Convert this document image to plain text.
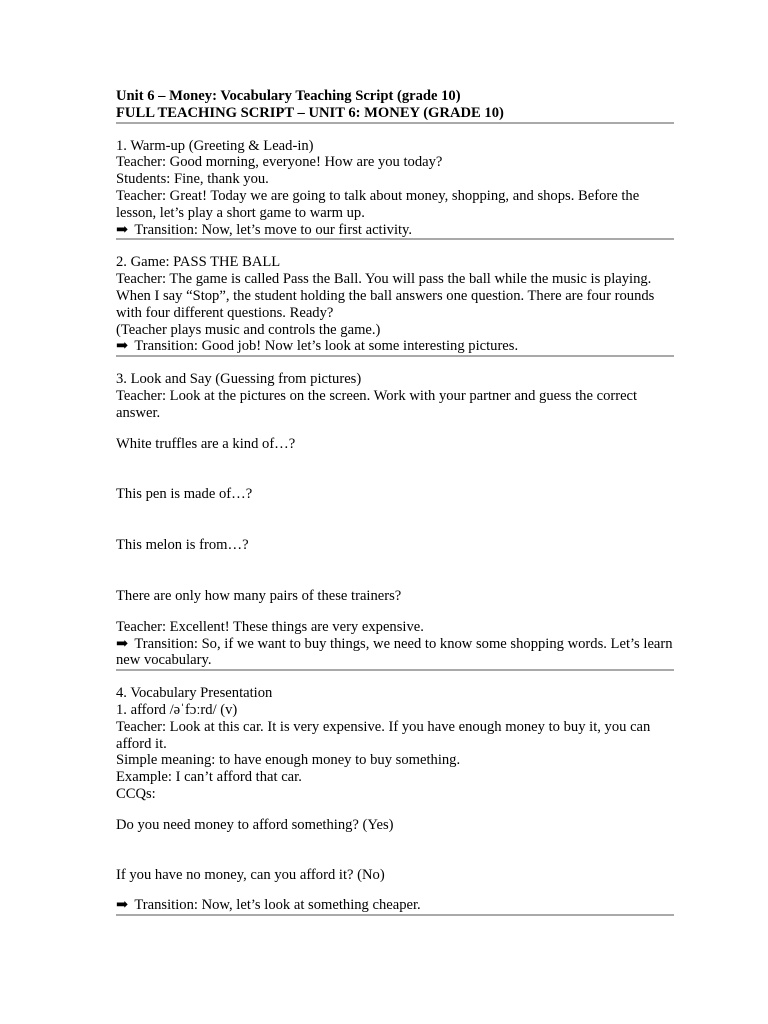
Unit 6 – Money: Vocabulary Teaching Script (grade 10)
FULL TEACHING SCRIPT – UNIT 6: MONEY (GRADE 10)

1. Warm-up (Greeting & Lead-in)

Teacher: Good morning, everyone! How are you today?

Students: Fine, thank you.

Teacher: Great! Today we are going to talk about money, shopping, and shops. Before the lesson, let’s play a short game to warm up.

➡ Transition: Now, let’s move to our first activity.

2. Game: PASS THE BALL

Teacher: The game is called Pass the Ball. You will pass the ball while the music is playing. When I say “Stop”, the student holding the ball answers one question. There are four rounds with four different questions. Ready?

(Teacher plays music and controls the game.)

➡ Transition: Good job! Now let’s look at some interesting pictures.

3. Look and Say (Guessing from pictures)

Teacher: Look at the pictures on the screen. Work with your partner and guess the correct answer.

White truffles are a kind of…?

This pen is made of…?

This melon is from…?

There are only how many pairs of these trainers?

Teacher: Excellent! These things are very expensive.

➡ Transition: So, if we want to buy things, we need to know some shopping words. Let’s learn new vocabulary.

4. Vocabulary Presentation

1. afford /əˈfɔːrd/ (v)

Teacher: Look at this car. It is very expensive. If you have enough money to buy it, you can afford it.

Simple meaning: to have enough money to buy something.

Example: I can’t afford that car.

CCQs:

Do you need money to afford something? (Yes)

If you have no money, can you afford it? (No)

➡ Transition: Now, let’s look at something cheaper.
